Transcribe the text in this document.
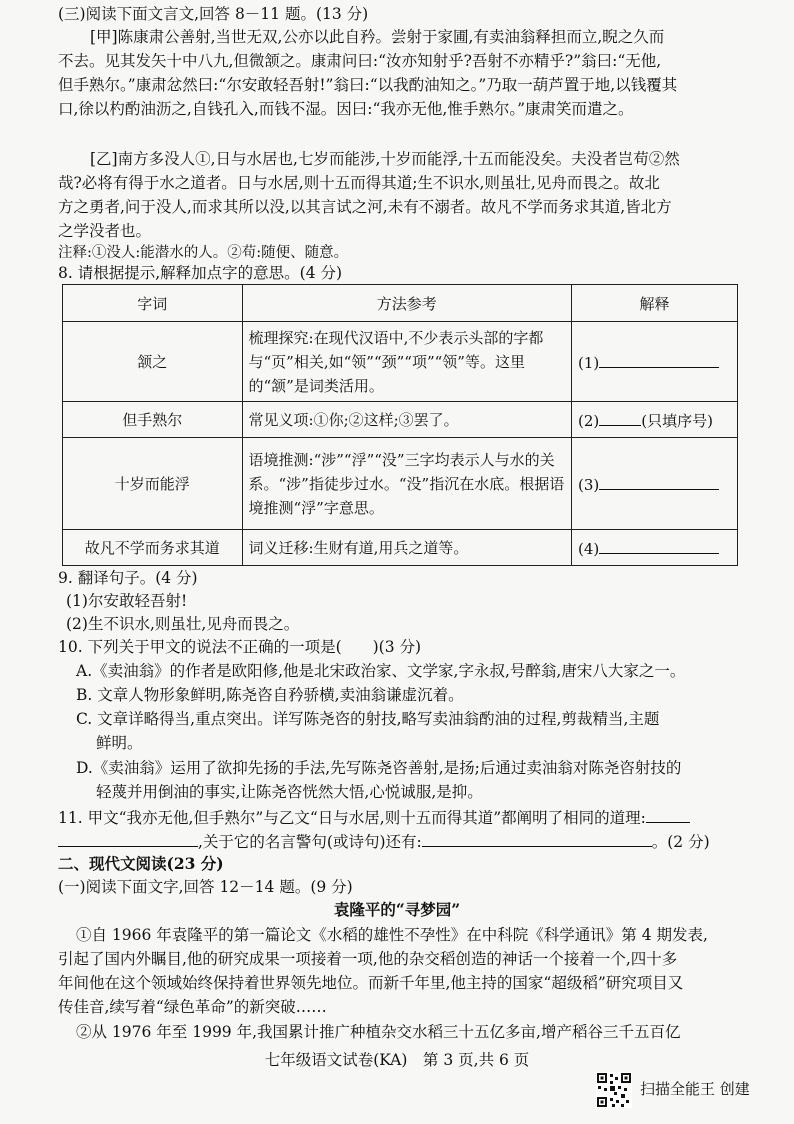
(三)阅读下面文言文,回答 8－11 题。(13 分)
[甲]陈康肃公善射,当世无双,公亦以此自矜。尝射于家圃,有卖油翁释担而立,睨之久而
不去。见其发矢十中八九,但微颔之。康肃问曰:“汝亦知射乎?吾射不亦精乎?”翁曰:“无他,
但手熟尔。”康肃忿然曰:“尔安敢轻吾射!”翁曰:“以我酌油知之。”乃取一葫芦置于地,以钱覆其
口,徐以杓酌油沥之,自钱孔入,而钱不湿。因曰:“我亦无他,惟手熟尔。”康肃笑而遣之。
[乙]南方多没人①,日与水居也,七岁而能涉,十岁而能浮,十五而能没矣。夫没者岂苟②然
哉?必将有得于水之道者。日与水居,则十五而得其道;生不识水,则虽壮,见舟而畏之。故北
方之勇者,问于没人,而求其所以没,以其言试之河,未有不溺者。故凡不学而务求其道,皆北方
之学没者也。
注释:①没人:能潜水的人。②苟:随便、随意。
8. 请根据提示,解释加点字的意思。(4 分)
字词	方法参考	解释
颔之	梳理探究:在现代汉语中,不少表示头部的字都与“页”相关,如“领”“颈”“项”“领”等。这里的“颔”是词类活用。	(1)
但手熟尔	常见义项:①你;②这样;③罢了。	(2) (只填序号)
十岁而能浮	语境推测:“涉”“浮”“没”三字均表示人与水的关系。“涉”指徒步过水。“没”指沉在水底。根据语境推测“浮”字意思。	(3)
故凡不学而务求其道	词义迁移:生财有道,用兵之道等。	(4)
9. 翻译句子。(4 分)
(1)尔安敢轻吾射!
(2)生不识水,则虽壮,见舟而畏之。
10. 下列关于甲文的说法不正确的一项是(　　)(3 分)
A.《卖油翁》的作者是欧阳修,他是北宋政治家、文学家,字永叔,号醉翁,唐宋八大家之一。
B. 文章人物形象鲜明,陈尧咨自矜骄横,卖油翁谦虚沉着。
C. 文章详略得当,重点突出。详写陈尧咨的射技,略写卖油翁酌油的过程,剪裁精当,主题
鲜明。
D.《卖油翁》运用了欲抑先扬的手法,先写陈尧咨善射,是扬;后通过卖油翁对陈尧咨射技的
轻蔑并用倒油的事实,让陈尧咨恍然大悟,心悦诚服,是抑。
11. 甲文“我亦无他,但手熟尔”与乙文“日与水居,则十五而得其道”都阐明了相同的道理:
,关于它的名言警句(或诗句)还有:	。(2 分)
二、现代文阅读(23 分)
(一)阅读下面文字,回答 12－14 题。(9 分)
袁隆平的“寻梦园”
①自 1966 年袁隆平的第一篇论文《水稻的雄性不孕性》在中科院《科学通讯》第 4 期发表,
引起了国内外瞩目,他的研究成果一项接着一项,他的杂交稻创造的神话一个接着一个,四十多
年间他在这个领域始终保持着世界领先地位。而新千年里,他主持的国家“超级稻”研究项目又
传佳音,续写着“绿色革命”的新突破……
②从 1976 年至 1999 年,我国累计推广种植杂交水稻三十五亿多亩,增产稻谷三千五百亿
七年级语文试卷(KA)　第 3 页,共 6 页
扫描全能王 创建
